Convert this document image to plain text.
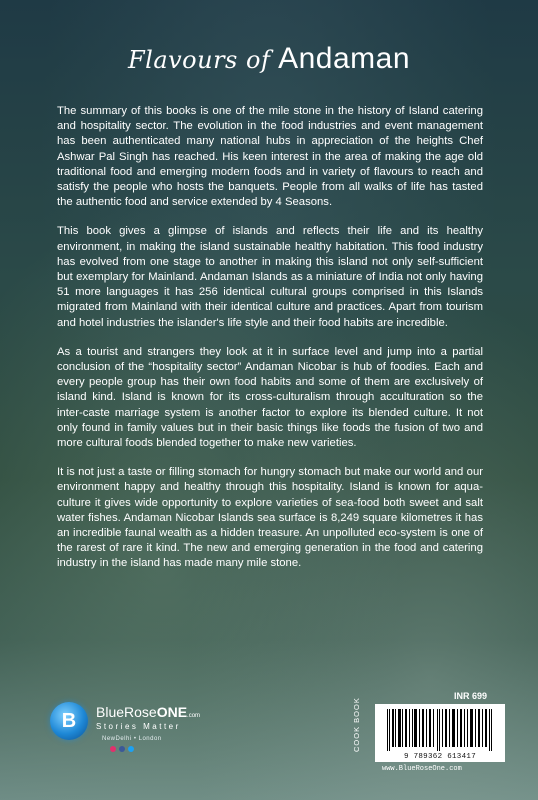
Flavours of Andaman

The summary of this books is one of the mile stone in the history of Island catering and hospitality sector. The evolution in the food industries and event management has been authenticated many national hubs in appreciation of the heights Chef Ashwar Pal Singh has reached. His keen interest in the area of making the age old traditional food and emerging modern foods and in variety of flavours to reach and satisfy the people who hosts the banquets. People from all walks of life has tasted the authentic food and service extended by 4 Seasons.

This book gives a glimpse of islands and reflects their life and its healthy environment, in making the island sustainable healthy habitation. This food industry has evolved from one stage to another in making this island not only self-sufficient but exemplary for Mainland. Andaman Islands as a miniature of India not only having 51 more languages it has 256 identical cultural groups comprised in this Islands migrated from Mainland with their identical culture and practices. Apart from tourism and hotel industries the islander's life style and their food habits are incredible.

As a tourist and strangers they look at it in surface level and jump into a partial conclusion of the “hospitality sector” Andaman Nicobar is hub of foodies. Each and every people group has their own food habits and some of them are exclusively of island kind. Island is known for its cross-culturalism through acculturation so the inter-caste marriage system is another factor to explore its blended culture. It not only found in family values but in their basic things like foods the fusion of two and more cultural foods blended together to make new varieties.

It is not just a taste or filling stomach for hungry stomach but make our world and our environment happy and healthy through this hospitality. Island is known for aqua-culture it gives wide opportunity to explore varieties of sea-food both sweet and salt water fishes. Andaman Nicobar Islands sea surface is 8,249 square kilometres it has an incredible faunal wealth as a hidden treasure. An unpolluted eco-system is one of the rarest of rare it kind. The new and emerging generation in the food and catering industry in the island has made many mile stone.

B	BlueRoseONE.com
Stories Matter
NewDelhi • London
INR 699
COOK BOOK
9 789362 613417
www.BlueRoseOne.com
